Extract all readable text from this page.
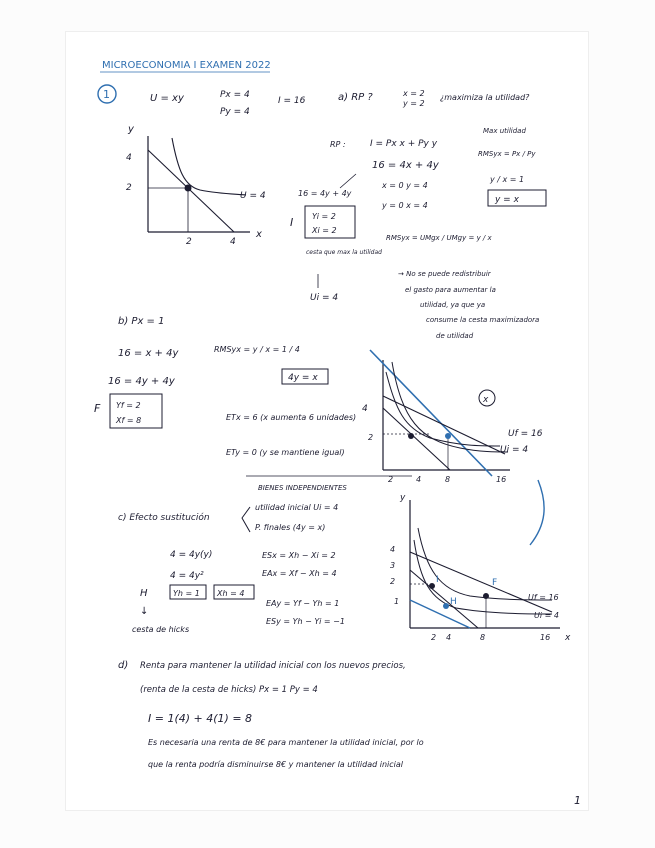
MICROECONOMIA I EXAMEN 2022
1	U = xy	Px = 4
Py = 4
I = 16	a) RP ?	x = 2
y = 2
¿maximiza la utilidad?
y
x
4
2
2	4
U = 4
RP :	I = Px x + Py y
16 = 4x + 4y
Max utilidad
RMSyx = Px / Py
y / x = 1
y = x
x = 0 y = 4
y = 0 x = 4
RMSyx = UMgx / UMgy = y / x
16 = 4y + 4y
I Yi = 2
Xi = 2
cesta que max la utilidad
Ui = 4
→ No se puede redistribuir
el gasto para aumentar la
utilidad, ya que ya
consume la cesta maximizadora
de utilidad
b) Px = 1
16 = x + 4y	RMSyx = y / x = 1 / 4
4y = x
16 = 4y + 4y
F Yf = 2
Xf = 8	ETx = 6 (x aumenta 6 unidades)
ETy = 0 (y se mantiene igual)
BIENES INDEPENDIENTES
4
2
2	4	8	16
x
Uf = 16
Ui = 4
c) Efecto sustitución
utilidad inicial Ui = 4
P. finales (4y = x)
4 = 4y(y)
4 = 4y²
H	Yh = 1 Xh = 4
↓
cesta de hicks
ESx = Xh − Xi = 2
EAx = Xf − Xh = 4
EAy = Yf − Yh = 1
ESy = Yh − Yi = −1
y
x
4
3
2
1
2 4	8	16
I	F
H	Uf = 16
Ui = 4
d) Renta para mantener la utilidad inicial con los nuevos precios,
(renta de la cesta de hicks) Px = 1 Py = 4
I = 1(4) + 4(1) = 8
Es necesaria una renta de 8€ para mantener la utilidad inicial, por lo
que la renta podría disminuirse 8€ y mantener la utilidad inicial
1
